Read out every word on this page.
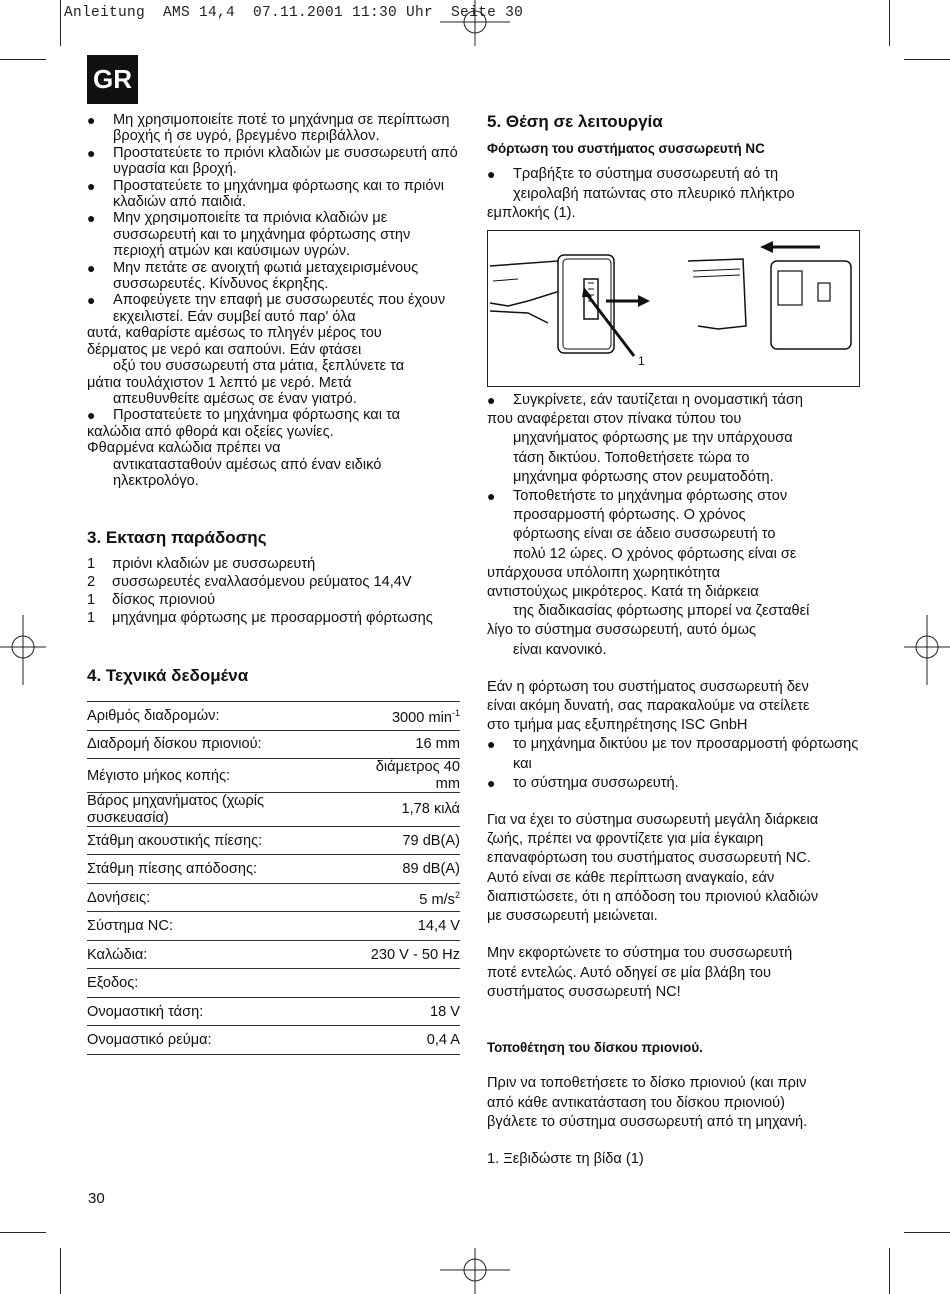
Anleitung  AMS 14,4  07.11.2001 11:30 Uhr  Seite 30
GR
●	Μη χρησιμοποιείτε ποτέ το μηχάνημα σε περίπτωση βροχής ή σε υγρό, βρεγμένο περιβάλλον.
●	Προστατεύετε το πριόνι κλαδιών με συσσωρευτή από υγρασία και βροχή.
●	Προστατεύετε το μηχάνημα φόρτωσης και το πριόνι κλαδιών από παιδιά.
●	Μην χρησιμοποιείτε τα πριόνια κλαδιών με συσσωρευτή και το μηχάνημα φόρτωσης στην περιοχή ατμών και καύσιμων υγρών.
●	Μην πετάτε σε ανοιχτή φωτιά μεταχειρισμένους συσσωρευτές. Κίνδυνος έκρηξης.
●	Αποφεύγετε την επαφή με συσσωρευτές που έχουν εκχειλιστεί. Εάν συμβεί αυτό παρ' όλα
αυτά, καθαρίστε αμέσως το πληγέν μέρος του
δέρματος με νερό και σαπούνι. Εάν φτάσει
οξύ του συσσωρευτή στα μάτια, ξεπλύνετε τα
μάτια τουλάχιστον 1 λεπτό με νερό. Μετά
απευθυνθείτε αμέσως σε έναν γιατρό.
●	Προστατεύετε το μηχάνημα φόρτωσης και τα
καλώδια από φθορά και οξείες γωνίες.
Φθαρμένα καλώδια πρέπει να
αντικατασταθούν αμέσως από έναν ειδικό
ηλεκτρολόγο.
3. Εκταση παράδοσης
1	πριόνι κλαδιών με συσσωρευτή
2	συσσωρευτές εναλλασόμενου ρεύματος 14,4V
1	δίσκος πριονιού
1	μηχάνημα φόρτωσης με προσαρμοστή φόρτωσης
4. Τεχνικά δεδομένα
Αριθμός διαδρομών:	3000 $\min^{-1}$
Διαδρομή δίσκου πριονιού:	16 mm
Μέγιστο μήκος κοπής:	διάμετρος 40 mm
Βάρος μηχανήματος (χωρίς συσκευασία)	1,78 κιλά
Στάθμη ακουστικής πίεσης:	79 dB(A)
Στάθμη πίεσης απόδοσης:	89 dB(A)
Δονήσεις:	5 $m/s^2$
Σύστημα NC:	14,4 V
Καλώδια:	230 V - 50 Hz
Εξοδος:	
Ονομαστική τάση:	18 V
Ονομαστικό ρεύμα:	0,4 A
5. Θέση σε λειτουργία

Φόρτωση του συστήματος συσσωρευτή NC

●	Τραβήξτε το σύστημα συσσωρευτή αό τη
χειρολαβή πατώντας στο πλευρικό πλήκτρο
εμπλοκής (1).
1
●	Συγκρίνετε, εάν ταυτίζεται η ονομαστική τάση
που αναφέρεται στον πίνακα τύπου του
μηχανήματος φόρτωσης με την υπάρχουσα
τάση δικτύου. Τοποθετήσετε τώρα το
μηχάνημα φόρτωσης στον ρευματοδότη.
●	Τοποθετήστε το μηχάνημα φόρτωσης στον
προσαρμοστή φόρτωσης. Ο χρόνος
φόρτωσης είναι σε άδειο συσσωρευτή το
πολύ 12 ώρες. Ο χρόνος φόρτωσης είναι σε
υπάρχουσα υπόλοιπη χωρητικότητα
αντιστούχως μικρότερος. Κατά τη διάρκεια
της διαδικασίας φόρτωσης μπορεί να ζεσταθεί
λίγο το σύστημα συσσωρευτή, αυτό όμως
είναι κανονικό.
Εάν η φόρτωση του συστήματος συσσωρευτή δεν
είναι ακόμη δυνατή, σας παρακαλούμε να στείλετε
στο τμήμα μας εξυπηρέτησης ISC GnbH
●	το μηχάνημα δικτύου με τον προσαρμοστή φόρτωσης και
●	το σύστημα συσσωρευτή.
Για να έχει το σύστημα συσωρευτή μεγάλη διάρκεια
ζωής, πρέπει να φροντίζετε για μία έγκαιρη
επαναφόρτωση του συστήματος συσσωρευτή NC.
Αυτό είναι σε κάθε περίπτωση αναγκαίο, εάν
διαπιστώσετε, ότι η απόδοση του πριονιού κλαδιών
με συσσωρευτή μειώνεται.
Μην εκφορτώνετε το σύστημα του συσσωρευτή
ποτέ εντελώς. Αυτό οδηγεί σε μία βλάβη του
συστήματος συσσωρευτή NC!

Τοποθέτηση του δίσκου πριονιού.

Πριν να τοποθετήσετε το δίσκο πριονιού (και πριν
από κάθε αντικατάσταση του δίσκου πριονιού)
βγάλετε το σύστημα συσσωρευτή από τη μηχανή.
1. Ξεβιδώστε τη βίδα (1)
30
